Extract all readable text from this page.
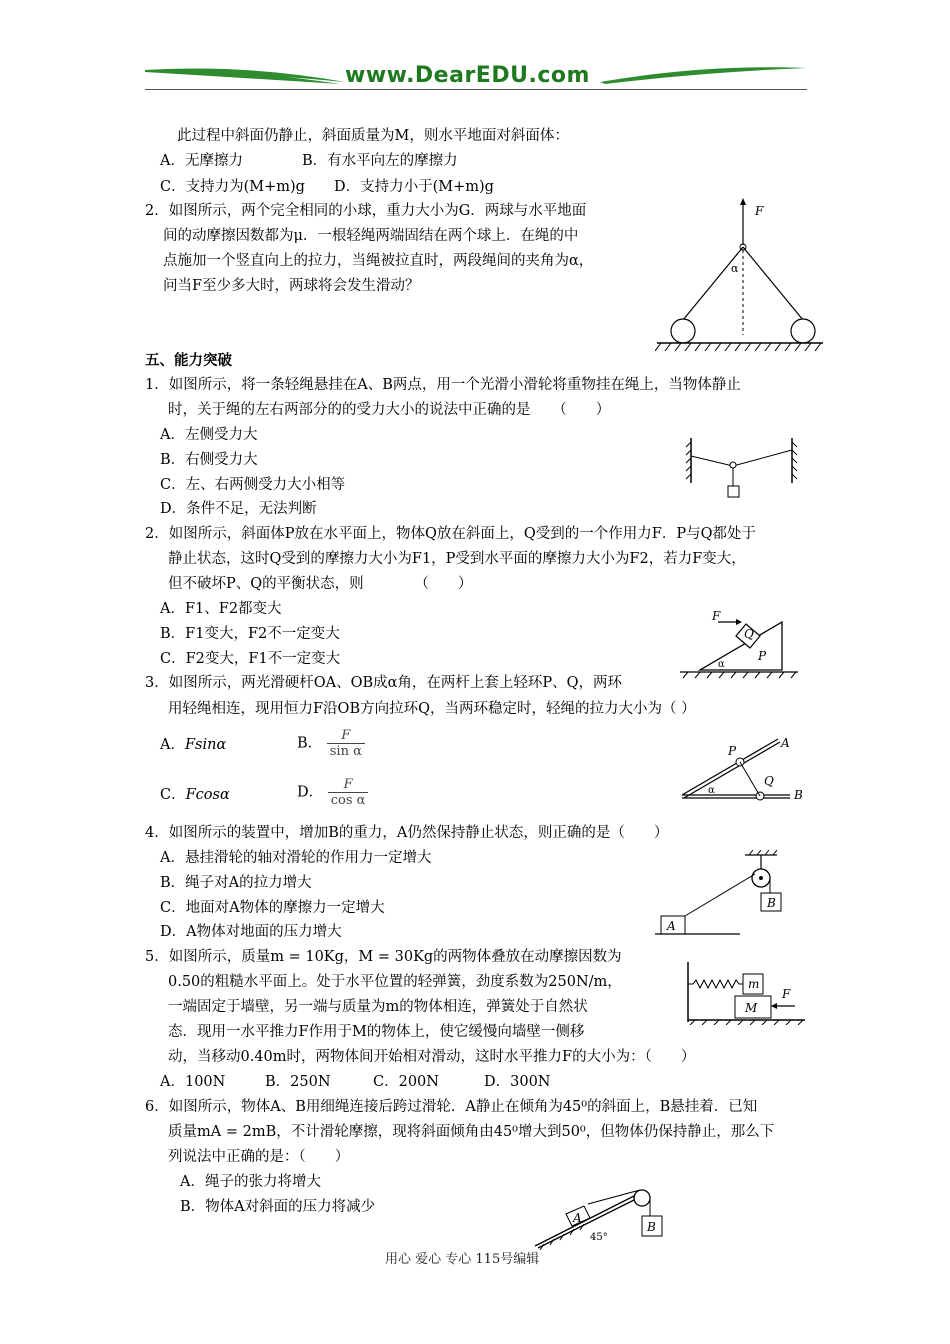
www.DearEDU.com
此过程中斜面仍静止，斜面质量为M，则水平地面对斜面体：
A．无摩擦力	B．有水平向左的摩擦力
C．支持力为(M+m)g D．支持力小于(M+m)g
2．如图所示，两个完全相同的小球，重力大小为G．两球与水平地面
间的动摩擦因数都为μ．一根轻绳两端固结在两个球上．在绳的中
点施加一个竖直向上的拉力，当绳被拉直时，两段绳间的夹角为α，
问当F至少多大时，两球将会发生滑动？
F
α
五、能力突破
1．如图所示，将一条轻绳悬挂在A、B两点，用一个光滑小滑轮将重物挂在绳上，当物体静止
时，关于绳的左右两部分的的受力大小的说法中正确的是　　（　　）
A．左侧受力大
B．右侧受力大
C．左、右两侧受力大小相等
D．条件不足，无法判断
2．如图所示，斜面体P放在水平面上，物体Q放在斜面上，Q受到的一个作用力F．P与Q都处于
静止状态，这时Q受到的摩擦力大小为F1，P受到水平面的摩擦力大小为F2，若力F变大，
但不破坏P、Q的平衡状态，则　　　　（　　）
A．F1、F2都变大
B．F1变大，F2不一定变大
C．F2变大，F1不一定变大
Q
F
P
α
3．如图所示，两光滑硬杆OA、OB成α角，在两杆上套上轻环P、Q，两环
用轻绳相连，现用恒力F沿OB方向拉环Q，当两环稳定时，轻绳的拉力大小为（ ）
A．Fsinα	B． $\frac{F}{\text{sin α}}$
C．Fcosα	D． $\frac{F}{\text{cos α}}$
P
A
Q
B
α
4．如图所示的装置中，增加B的重力，A仍然保持静止状态，则正确的是（　　）
A．悬挂滑轮的轴对滑轮的作用力一定增大
B．绳子对A的拉力增大
C．地面对A物体的摩擦力一定增大
D．A物体对地面的压力增大
B
A
5．如图所示，质量m = 10Kg，M = 30Kg的两物体叠放在动摩擦因数为
0.50的粗糙水平面上。处于水平位置的轻弹簧，劲度系数为250N/m，
一端固定于墙壁，另一端与质量为m的物体相连，弹簧处于自然状
态．现用一水平推力F作用于M的物体上，使它缓慢向墙壁一侧移
动，当移动0.40m时，两物体间开始相对滑动，这时水平推力F的大小为：（　　）
A．100N	B．250N	C．200N	D．300N
m
M
F
6．如图所示，物体A、B用细绳连接后跨过滑轮．A静止在倾角为45⁰的斜面上，B悬挂着．已知
质量mA = 2mB，不计滑轮摩擦，现将斜面倾角由45⁰增大到50⁰，但物体仍保持静止，那么下
列说法中正确的是：（　　）
A．绳子的张力将增大
B．物体A对斜面的压力将减少
A
B
45°
用心 爱心 专心 115号编辑
